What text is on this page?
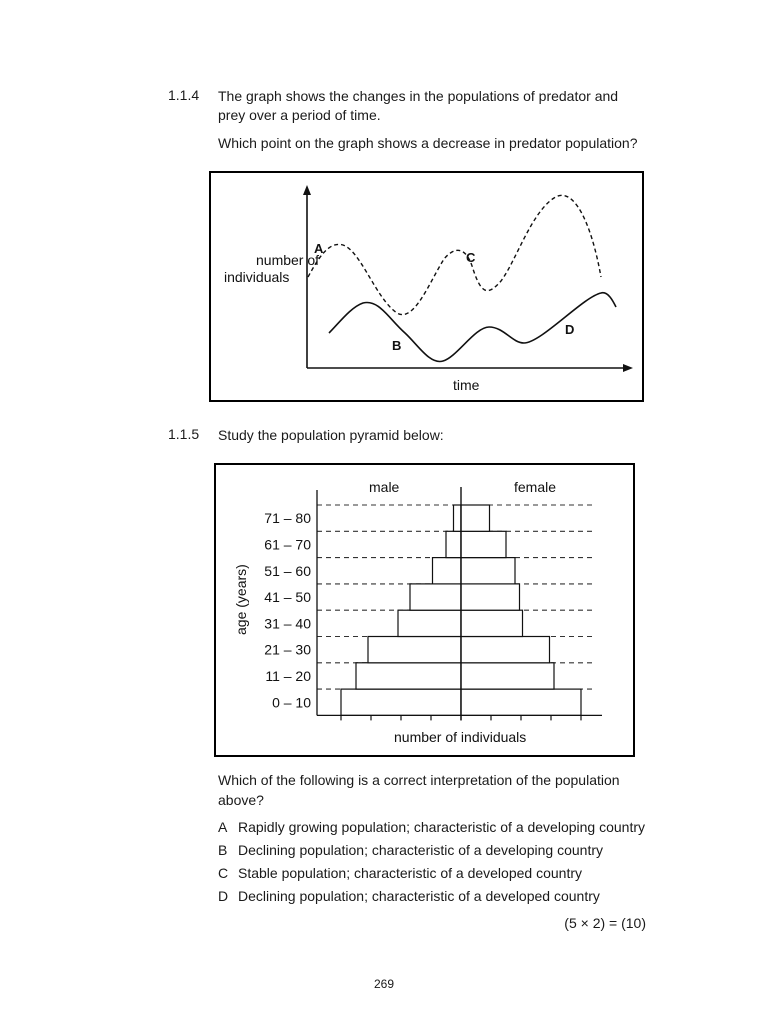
1.1.4 The graph shows the changes in the populations of predator and
prey over a period of time.
Which point on the graph shows a decrease in predator population?
number of
individuals
time
A
B
C
D
1.1.5 Study the population pyramid below:
0 – 10
11 – 20
21 – 30
31 – 40
41 – 50
51 – 60
61 – 70
71 – 80
male	female
number of individuals
age (years)
Which of the following is a correct interpretation of the population
above?
A Rapidly growing population; characteristic of a developing country
B Declining population; characteristic of a developing country
C Stable population; characteristic of a developed country
D Declining population; characteristic of a developed country
(5 × 2) = (10)
269
